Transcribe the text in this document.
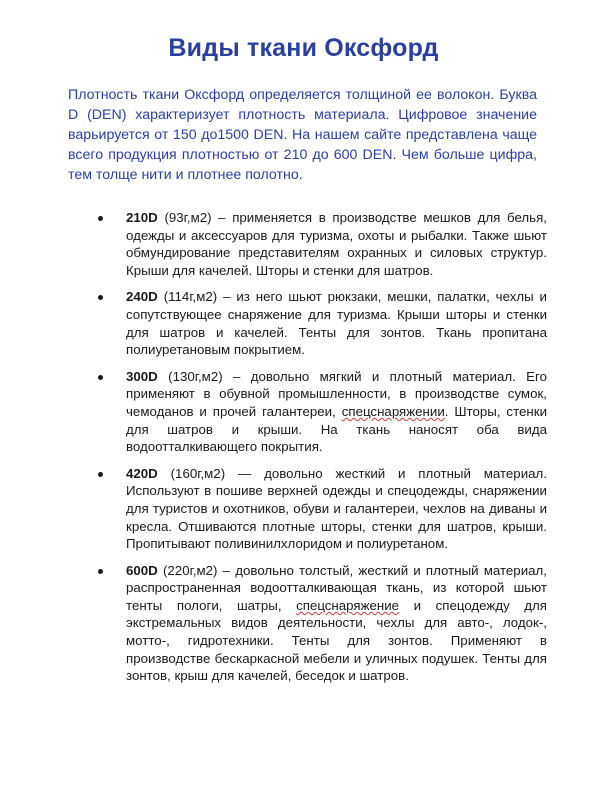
Виды ткани Оксфорд

Плотность ткани Оксфорд определяется толщиной ее волокон. Буква D (DEN) характеризует плотность материала. Цифровое значение варьируется от 150 до1500 DEN. На нашем сайте представлена чаще всего продукция плотностью от 210 до 600 DEN. Чем больше цифра, тем толще нити и плотнее полотно.

210D (93г,м2) – применяется в производстве мешков для белья, одежды и аксессуаров для туризма, охоты и рыбалки. Также шьют обмундирование представителям охранных и силовых структур. Крыши для качелей. Шторы и стенки для шатров.
240D (114г,м2) – из него шьют рюкзаки, мешки, палатки, чехлы и сопутствующее снаряжение для туризма. Крыши шторы и стенки для шатров и качелей. Тенты для зонтов. Ткань пропитана полиуретановым покрытием.
300D (130г,м2) – довольно мягкий и плотный материал. Его применяют в обувной промышленности, в производстве сумок, чемоданов и прочей галантереи, спецснаряжении. Шторы, стенки для шатров и крыши. На ткань наносят оба вида водоотталкивающего покрытия.
420D (160г,м2) — довольно жесткий и плотный материал. Используют в пошиве верхней одежды и спецодежды, снаряжении для туристов и охотников, обуви и галантереи, чехлов на диваны и кресла. Отшиваются плотные шторы, стенки для шатров, крыши. Пропитывают поливинилхлоридом и полиуретаном.
600D (220г,м2) – довольно толстый, жесткий и плотный материал, распространенная водоотталкивающая ткань, из которой шьют тенты пологи, шатры, спецснаряжение и спецодежду для экстремальных видов деятельности, чехлы для авто-, лодок-, мотто-, гидротехники. Тенты для зонтов. Применяют в производстве бескаркасной мебели и уличных подушек. Тенты для зонтов, крыш для качелей, беседок и шатров.
